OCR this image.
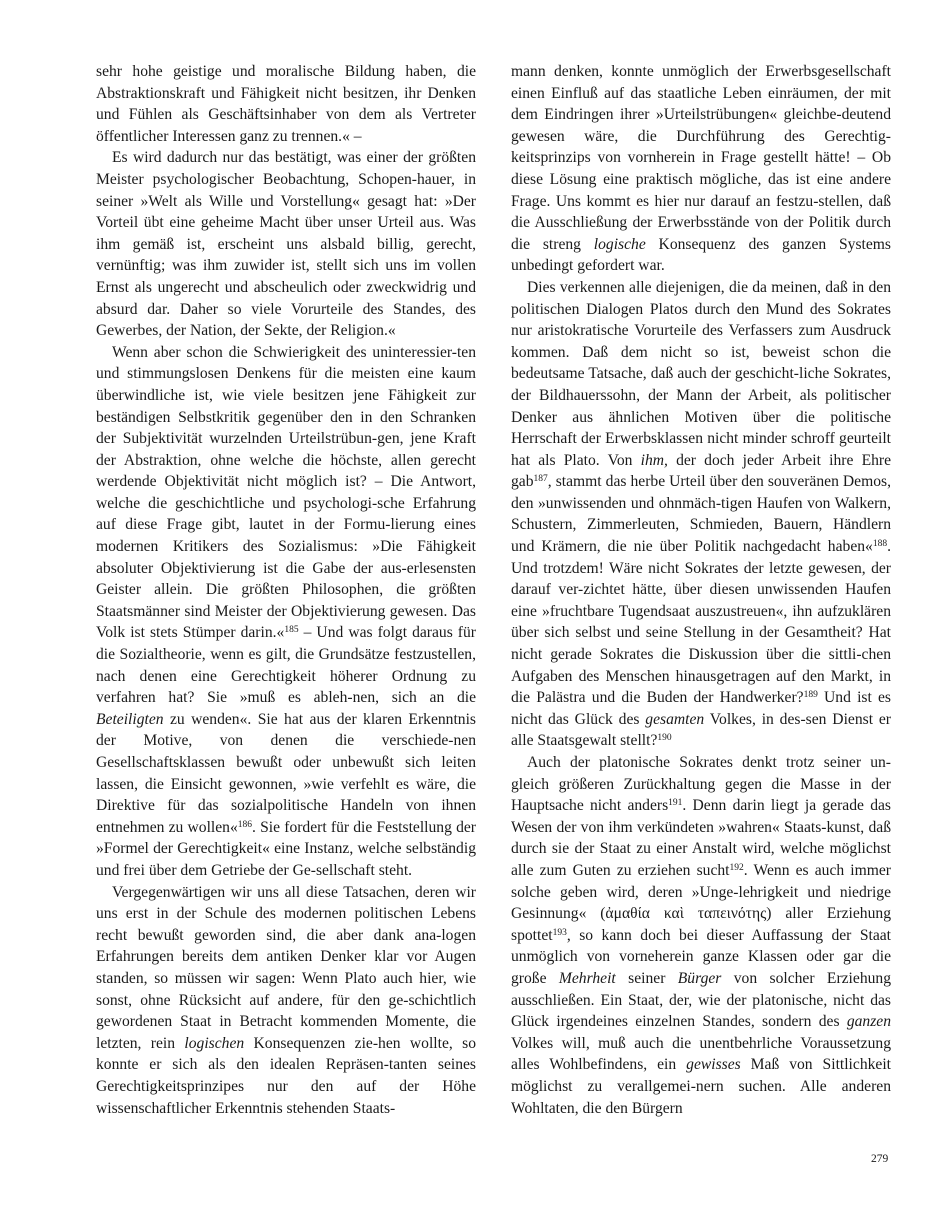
sehr hohe geistige und moralische Bildung haben, die Abstraktionskraft und Fähigkeit nicht besitzen, ihr Denken und Fühlen als Geschäftsinhaber von dem als Vertreter öffentlicher Interessen ganz zu trennen.« –

Es wird dadurch nur das bestätigt, was einer der größten Meister psychologischer Beobachtung, Schopen-hauer, in seiner »Welt als Wille und Vorstellung« gesagt hat: »Der Vorteil übt eine geheime Macht über unser Urteil aus. Was ihm gemäß ist, erscheint uns alsbald billig, gerecht, vernünftig; was ihm zuwider ist, stellt sich uns im vollen Ernst als ungerecht und abscheulich oder zweckwidrig und absurd dar. Daher so viele Vorurteile des Standes, des Gewerbes, der Nation, der Sekte, der Religion.«

Wenn aber schon die Schwierigkeit des uninteressier-ten und stimmungslosen Denkens für die meisten eine kaum überwindliche ist, wie viele besitzen jene Fähigkeit zur beständigen Selbstkritik gegenüber den in den Schranken der Subjektivität wurzelnden Urteilstrübun-gen, jene Kraft der Abstraktion, ohne welche die höchste, allen gerecht werdende Objektivität nicht möglich ist? – Die Antwort, welche die geschichtliche und psychologi-sche Erfahrung auf diese Frage gibt, lautet in der Formu-lierung eines modernen Kritikers des Sozialismus: »Die Fähigkeit absoluter Objektivierung ist die Gabe der aus-erlesensten Geister allein. Die größten Philosophen, die größten Staatsmänner sind Meister der Objektivierung gewesen. Das Volk ist stets Stümper darin.«$^{185}$ – Und was folgt daraus für die Sozialtheorie, wenn es gilt, die Grundsätze festzustellen, nach denen eine Gerechtigkeit höherer Ordnung zu verfahren hat? Sie »muß es ableh-nen, sich an die Beteiligten zu wenden«. Sie hat aus der klaren Erkenntnis der Motive, von denen die verschiede-nen Gesellschaftsklassen bewußt oder unbewußt sich leiten lassen, die Einsicht gewonnen, »wie verfehlt es wäre, die Direktive für das sozialpolitische Handeln von ihnen entnehmen zu wollen«$^{186}$. Sie fordert für die Feststellung der »Formel der Gerechtigkeit« eine Instanz, welche selbständig und frei über dem Getriebe der Ge-sellschaft steht.

Vergegenwärtigen wir uns all diese Tatsachen, deren wir uns erst in der Schule des modernen politischen Lebens recht bewußt geworden sind, die aber dank ana-logen Erfahrungen bereits dem antiken Denker klar vor Augen standen, so müssen wir sagen: Wenn Plato auch hier, wie sonst, ohne Rücksicht auf andere, für den ge-schichtlich gewordenen Staat in Betracht kommenden Momente, die letzten, rein logischen Konsequenzen zie-hen wollte, so konnte er sich als den idealen Repräsen-tanten seines Gerechtigkeitsprinzipes nur den auf der Höhe wissenschaftlicher Erkenntnis stehenden Staats-

mann denken, konnte unmöglich der Erwerbsgesellschaft einen Einfluß auf das staatliche Leben einräumen, der mit dem Eindringen ihrer »Urteilstrübungen« gleichbe-deutend gewesen wäre, die Durchführung des Gerechtig-keitsprinzips von vornherein in Frage gestellt hätte! – Ob diese Lösung eine praktisch mögliche, das ist eine andere Frage. Uns kommt es hier nur darauf an festzu-stellen, daß die Ausschließung der Erwerbsstände von der Politik durch die streng logische Konsequenz des ganzen Systems unbedingt gefordert war.

Dies verkennen alle diejenigen, die da meinen, daß in den politischen Dialogen Platos durch den Mund des Sokrates nur aristokratische Vorurteile des Verfassers zum Ausdruck kommen. Daß dem nicht so ist, beweist schon die bedeutsame Tatsache, daß auch der geschicht-liche Sokrates, der Bildhauerssohn, der Mann der Arbeit, als politischer Denker aus ähnlichen Motiven über die politische Herrschaft der Erwerbsklassen nicht minder schroff geurteilt hat als Plato. Von ihm, der doch jeder Arbeit ihre Ehre gab$^{187}$, stammt das herbe Urteil über den souveränen Demos, den »unwissenden und ohnmäch-tigen Haufen von Walkern, Schustern, Zimmerleuten, Schmieden, Bauern, Händlern und Krämern, die nie über Politik nachgedacht haben«$^{188}$. Und trotzdem! Wäre nicht Sokrates der letzte gewesen, der darauf ver-zichtet hätte, über diesen unwissenden Haufen eine »fruchtbare Tugendsaat auszustreuen«, ihn aufzuklären über sich selbst und seine Stellung in der Gesamtheit? Hat nicht gerade Sokrates die Diskussion über die sittli-chen Aufgaben des Menschen hinausgetragen auf den Markt, in die Palästra und die Buden der Handwerker?$^{189}$ Und ist es nicht das Glück des gesamten Volkes, in des-sen Dienst er alle Staatsgewalt stellt?$^{190}$

Auch der platonische Sokrates denkt trotz seiner un-gleich größeren Zurückhaltung gegen die Masse in der Hauptsache nicht anders$^{191}$. Denn darin liegt ja gerade das Wesen der von ihm verkündeten »wahren« Staats-kunst, daß durch sie der Staat zu einer Anstalt wird, welche möglichst alle zum Guten zu erziehen sucht$^{192}$. Wenn es auch immer solche geben wird, deren »Unge-lehrigkeit und niedrige Gesinnung« (ἀμαθία καὶ ταπεινότης) aller Erziehung spottet$^{193}$, so kann doch bei dieser Auffassung der Staat unmöglich von vorneherein ganze Klassen oder gar die große Mehrheit seiner Bürger von solcher Erziehung ausschließen. Ein Staat, der, wie der platonische, nicht das Glück irgendeines einzelnen Standes, sondern des ganzen Volkes will, muß auch die unentbehrliche Voraussetzung alles Wohlbefindens, ein gewisses Maß von Sittlichkeit möglichst zu verallgemei-nern suchen. Alle anderen Wohltaten, die den Bürgern

279
